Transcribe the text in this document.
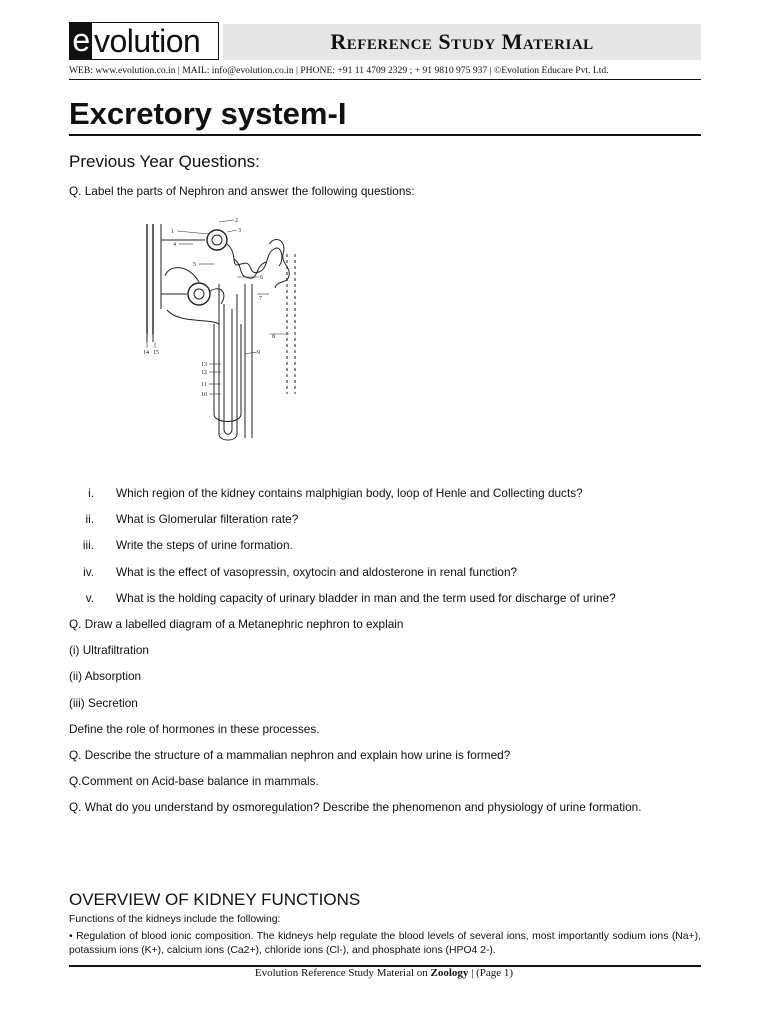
e volution	Reference Study Material
WEB: www.evolution.co.in | MAIL: info@evolution.co.in | PHONE: +91 11 4709 2329 ; + 91 9810 975 937 | ©Evolution Educare Pvt. Ltd.
Excretory system-I
Previous Year Questions:
Q. Label the parts of Nephron and answer the following questions:
1
2
3
4
5
6
7
8
9
10
11
12
13
14 15
i. Which region of the kidney contains malphigian body, loop of Henle and Collecting ducts?
ii. What is Glomerular filteration rate?
iii. Write the steps of urine formation.
iv. What is the effect of vasopressin, oxytocin and aldosterone in renal function?
v. What is the holding capacity of urinary bladder in man and the term used for discharge of urine?
Q. Draw a labelled diagram of a Metanephric nephron to explain
(i) Ultrafiltration
(ii) Absorption
(iii) Secretion
Define the role of hormones in these processes.
Q. Describe the structure of a mammalian nephron and explain how urine is formed?
Q.Comment on Acid-base balance in mammals.
Q. What do you understand by osmoregulation? Describe the phenomenon and physiology of urine formation.
OVERVIEW OF KIDNEY FUNCTIONS
Functions of the kidneys include the following:
• Regulation of blood ionic composition. The kidneys help regulate the blood levels of several ions, most importantly sodium ions (Na+), potassium ions (K+), calcium ions (Ca2+), chloride ions (Cl-), and phosphate ions (HPO4 2-).
Evolution Reference Study Material on Zoology | (Page 1)
